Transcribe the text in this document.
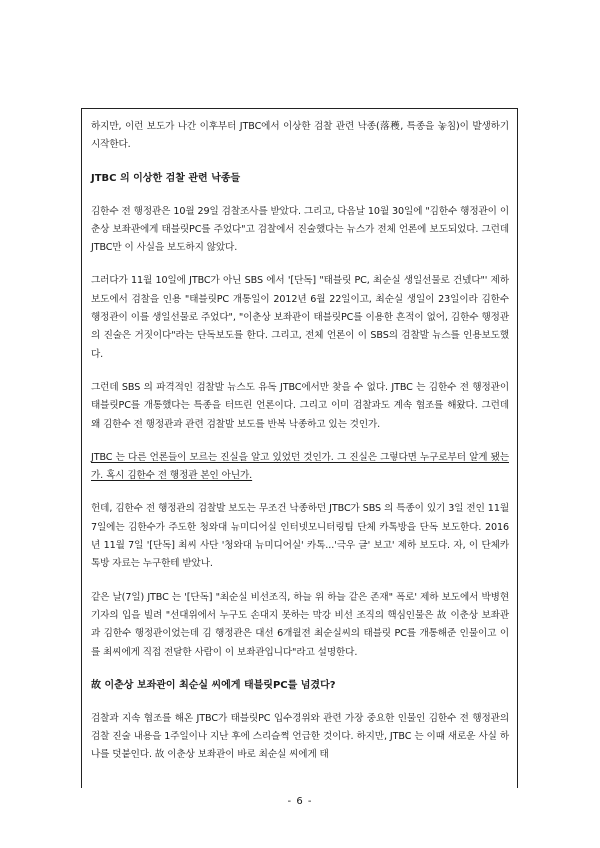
하지만, 이런 보도가 나간 이후부터 JTBC에서 이상한 검찰 관련 낙종(落穫, 특종을 놓침)이 발생하기 시작한다.

JTBC 의 이상한 검찰 관련 낙종들

김한수 전 행정관은 10월 29일 검찰조사를 받았다. 그리고, 다음날 10월 30일에 "김한수 행정관이 이춘상 보좌관에게 태블릿PC를 주었다"고 검찰에서 진술했다는 뉴스가 전체 언론에 보도되었다. 그런데 JTBC만 이 사실을 보도하지 않았다.

그러다가 11월 10일에 JTBC가 아닌 SBS 에서 '[단독] "태블릿 PC, 최순실 생일선물로 건넸다"' 제하 보도에서 검찰을 인용 "태블릿PC 개통일이 2012년 6월 22일이고, 최순실 생일이 23일이라 김한수 행정관이 이를 생일선물로 주었다", "이춘상 보좌관이 태블릿PC를 이용한 흔적이 없어, 김한수 행정관의 진술은 거짓이다"라는 단독보도를 한다. 그리고, 전체 언론이 이 SBS의 검찰발 뉴스를 인용보도했다.

그런데 SBS 의 파격적인 검찰발 뉴스도 유독 JTBC에서만 찾을 수 없다. JTBC 는 김한수 전 행정관이 태블릿PC를 개통했다는 특종을 터뜨린 언론이다. 그리고 이미 검찰과도 계속 협조를 해왔다. 그런데 왜 김한수 전 행정관과 관련 검찰발 보도를 반복 낙종하고 있는 것인가.

JTBC 는 다른 언론들이 모르는 진실을 알고 있었던 것인가. 그 진실은 그렇다면 누구로부터 알게 됐는가. 혹시 김한수 전 행정관 본인 아닌가.

헌데, 김한수 전 행정관의 검찰발 보도는 무조건 낙종하던 JTBC가 SBS 의 특종이 있기 3일 전인 11월 7일에는 김한수가 주도한 청와대 뉴미디어실 인터넷모니터링팀 단체 카톡방을 단독 보도한다. 2016년 11월 7일 '[단독] 최씨 사단 '청와대 뉴미디어실' 카톡...'극우 글' 보고' 제하 보도다. 자, 이 단체카톡방 자료는 누구한테 받았나.

같은 날(7일) JTBC 는 '[단독] "최순실 비선조직, 하늘 위 하늘 같은 존재" 폭로' 제하 보도에서 박병현 기자의 입을 빌려 "선대위에서 누구도 손대지 못하는 막강 비선 조직의 핵심인물은 故 이춘상 보좌관과 김한수 행정관이었는데 김 행정관은 대선 6개월전 최순실씨의 태블릿 PC를 개통해준 인물이고 이를 최씨에게 직접 전달한 사람이 이 보좌관입니다"라고 설명한다.

故 이춘상 보좌관이 최순실 씨에게 태블릿PC를 넘겼다?

검찰과 지속 협조를 해온 JTBC가 태블릿PC 입수경위와 관련 가장 중요한 인물인 김한수 전 행정관의 검찰 진술 내용을 1주일이나 지난 후에 스리슬쩍 언급한 것이다. 하지만, JTBC 는 이때 새로운 사실 하나를 덧붙인다. 故 이춘상 보좌관이 바로 최순실 씨에게 태

- 6 -
